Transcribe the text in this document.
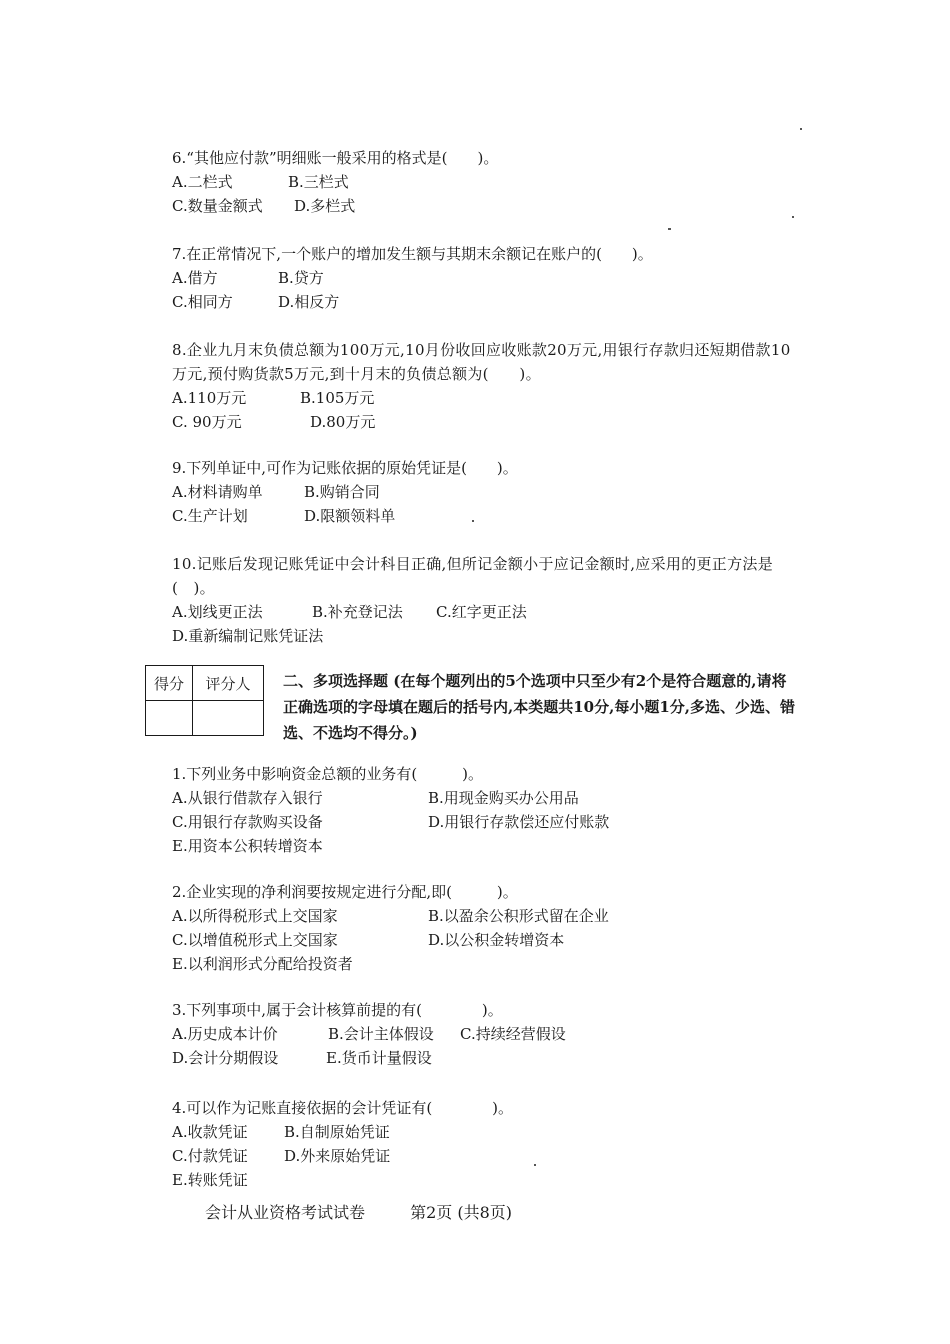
6.“其他应付款”明细账一般采用的格式是(　　)。
A.二栏式	B.三栏式
C.数量金额式 D.多栏式
7.在正常情况下,一个账户的增加发生额与其期末余额记在账户的(　　)。
A.借方	B.贷方
C.相同方	D.相反方
8.企业九月末负债总额为100万元,10月份收回应收账款20万元,用银行存款归还短期借款10万元,预付购货款5万元,到十月末的负债总额为(　　)。
A.110万元	B.105万元
C. 90万元	D.80万元
9.下列单证中,可作为记账依据的原始凭证是(　　)。
A.材料请购单	B.购销合同
C.生产计划	D.限额领料单
10.记账后发现记账凭证中会计科目正确,但所记金额小于应记金额时,应采用的更正方法是(　)。
A.划线更正法	B.补充登记法 C.红字更正法
D.重新编制记账凭证法
得分	评分人
	二、多项选择题 (在每个题列出的5个选项中只至少有2个是符合题意的,请将正确选项的字母填在题后的括号内,本类题共10分,每小题1分,多选、少选、错选、不选均不得分。)
1.下列业务中影响资金总额的业务有(　　　)。
A.从银行借款存入银行	B.用现金购买办公用品
C.用银行存款购买设备	D.用银行存款偿还应付账款
E.用资本公积转增资本
2.企业实现的净利润要按规定进行分配,即(　　　)。
A.以所得税形式上交国家	B.以盈余公积形式留在企业
C.以增值税形式上交国家	D.以公积金转增资本
E.以利润形式分配给投资者
3.下列事项中,属于会计核算前提的有(　　　　)。
A.历史成本计价	B.会计主体假设 C.持续经营假设
D.会计分期假设	E.货币计量假设
4.可以作为记账直接依据的会计凭证有(　　　　)。
A.收款凭证 B.自制原始凭证
C.付款凭证 D.外来原始凭证
E.转账凭证
会计从业资格考试试卷	第2页 (共8页)
